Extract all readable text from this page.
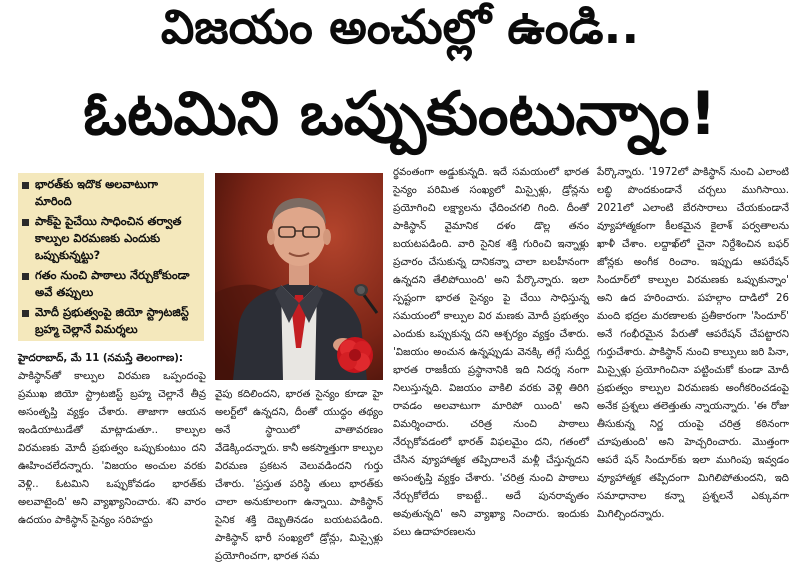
విజయం అంచుల్లో ఉండి..
ఓటమిని ఒప్పుకుంటున్నాం!
భారత్‌కు ఇదొక అలవాటుగా మారింది
పాక్‌పై పైచేయి సాధించిన తర్వాత కాల్పుల విరమణకు ఎందుకు ఒప్పుకున్నట్టు?
గతం నుంచి పాఠాలు నేర్చుకోకుండా అవే తప్పులు
మోదీ ప్రభుత్వంపై జియో స్ట్రాటజిస్ట్ బ్రహ్మ చెల్లానే విమర్శలు

హైదరాబాద్, మే 11 (నమస్తే తెలంగాణ):

పాకిస్థాన్‌తో కాల్పుల విరమణ ఒప్పందంపై ప్రముఖ జియో స్ట్రాటజిస్ట్ బ్రహ్మ చెల్లానే తీవ్ర అసంతృప్తి వ్యక్తం చేశారు. తాజాగా ఆయన ఇండియాటుడేతో మాట్లాడుతూ.. కాల్పుల విరమణకు మోదీ ప్రభుత్వం ఒప్పుకుంటుం దని ఊహించలేదన్నారు. 'విజయం అంచుల వరకు వెళ్లి.. ఓటమిని ఒప్పుకోవడం భారత్‌కు అలవాటైంది' అని వ్యాఖ్యానించారు. శని వారం ఉదయం పాకిస్థాన్ సైన్యం సరిహద్దు

వైపు కదిలిందని, భారత సైన్యం కూడా హై అలర్ట్‌లో ఉన్నదని, దీంతో యుద్ధం తథ్యం అనే స్థాయిలో వాతావరణం వేడెక్కిందన్నారు. కానీ అకస్మాత్తుగా కాల్పుల విరమణ ప్రకటన వెలువడిందని గుర్తు చేశారు. 'ప్రస్తుత పరిస్థి తులు భారత్‌కు చాలా అనుకూలంగా ఉన్నాయి. పాకిస్థాన్ సైనిక శక్తి దెబ్బతినడం బయటపడింది. పాకిస్థాన్ భారీ సంఖ్యలో డ్రోన్లు, మిస్సైళ్లు ప్రయోగించగా, భారత సమ

ర్థవంతంగా అడ్డుకున్నది. ఇదే సమయంలో భారత సైన్యం పరిమిత సంఖ్యలో మిస్సైళ్లు, డ్రోన్లను ప్రయోగించి లక్ష్యాలను ఛేదించగలి గింది. దీంతో పాకిస్థాన్ వైమానిక దళం డొల్ల తనం బయటపడింది. వారి సైనిక శక్తి గురించి ఇన్నాళ్లు ప్రచారం చేసుకున్న దానికన్నా చాలా బలహీనంగా ఉన్నదని తేలిపోయింది' అని పేర్కొన్నారు. ఇలా స్పష్టంగా భారత సైన్యం పై చేయి సాధిస్తున్న సమయంలో కాల్పుల విర మణకు మోదీ ప్రభుత్వం ఎందుకు ఒప్పుకున్న దని ఆశ్చర్యం వ్యక్తం చేశారు. 'విజయం అంచున ఉన్నప్పుడు వెనక్కి తగ్గే సుదీర్ఘ భారత రాజకీయ ప్రస్థానానికి ఇది నిదర్శ నంగా నిలుస్తున్నది. విజయం వాకిలి వరకు వెళ్లి తిరిగి రావడం అలవాటుగా మారిపో యింది' అని విమర్శించారు. చరిత్ర నుంచి పాఠాలు నేర్చుకోవడంలో భారత్ విఫలమైం దని, గతంలో చేసిన వ్యూహాత్మక తప్పిదాలనే మళ్లీ చేస్తున్నదని అసంతృప్తి వ్యక్తం చేశారు. 'చరిత్ర నుంచి పాఠాలు నేర్చుకోలేదు కాబట్టే.. అదే పునరావృతం అవుతున్నది' అని వ్యాఖ్యా నించారు. ఇందుకు పలు ఉదాహరణలను

పేర్కొన్నారు. '1972లో పాకిస్థాన్ నుంచి ఎలాంటి లబ్ధి పొందకుండానే చర్చలు ముగిసాయి. 2021లో ఎలాంటి బేరసారాలు చేయకుండానే వ్యూహాత్మకంగా కీలకమైన కైలాశ్ పర్వతాలను ఖాళీ చేశాం. లద్దాఖ్‌లో చైనా నిర్దేశించిన బఫర్ జోన్లకు అంగీక రించాం. ఇప్పుడు ఆపరేషన్ సిందూర్‌లో కాల్పుల విరమణకు ఒప్పుకున్నాం' అని ఉద హరించారు. పహల్గాం దాడిలో 26 మంది భద్రల మరణాలకు ప్రతీకారంగా 'సిందూర్' అనే గంభీరమైన పేరుతో ఆపరేషన్ చేపట్టారని గుర్తుచేశారు. పాకిస్థాన్ నుంచి కాల్పులు జరి పినా, మిస్సైళ్లు ప్రయోగించినా పట్టించుకో కుండా మోదీ ప్రభుత్వం కాల్పుల విరమణకు అంగీకరించడంపై అనేక ప్రశ్నలు తలెత్తుతు న్నాయన్నారు. 'ఈ రోజు తీసుకున్న నిర్ణ యంపై చరిత్ర కఠినంగా చూపుతుంది' అని హెచ్చరించారు. మొత్తంగా ఆపరే షన్ సిందూర్‌కు ఇలా ముగింపు ఇవ్వడం వ్యూహాత్మక తప్పిదంగా మిగిలిపోతుందని, ఇది సమాధానాల కన్నా ప్రశ్నలనే ఎక్కువగా మిగిల్చిందన్నారు.
